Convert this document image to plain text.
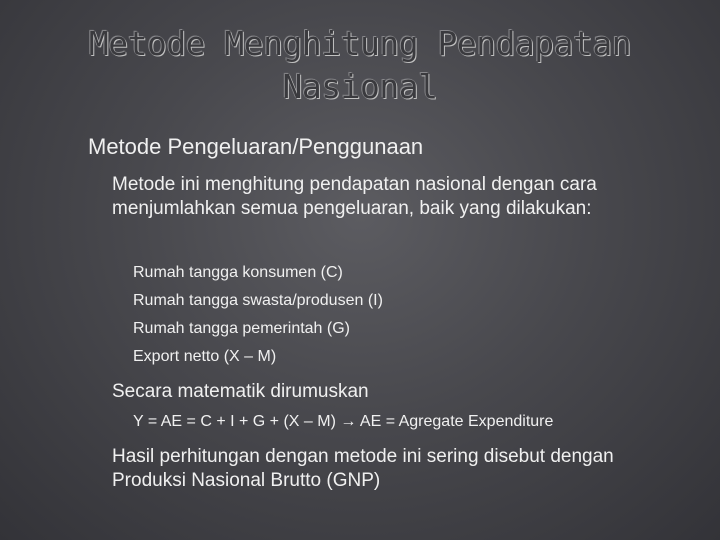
Metode Menghitung Pendapatan
Nasional
Metode Pengeluaran/Penggunaan
Metode ini menghitung pendapatan nasional dengan cara menjumlahkan semua pengeluaran, baik yang dilakukan:
Rumah tangga konsumen (C)
Rumah tangga swasta/produsen (I)
Rumah tangga pemerintah (G)
Export netto (X – M)
Secara matematik dirumuskan
Y = AE = C + I + G + (X – M) → AE = Agregate Expenditure
Hasil perhitungan dengan metode ini sering disebut dengan Produksi Nasional Brutto (GNP)
